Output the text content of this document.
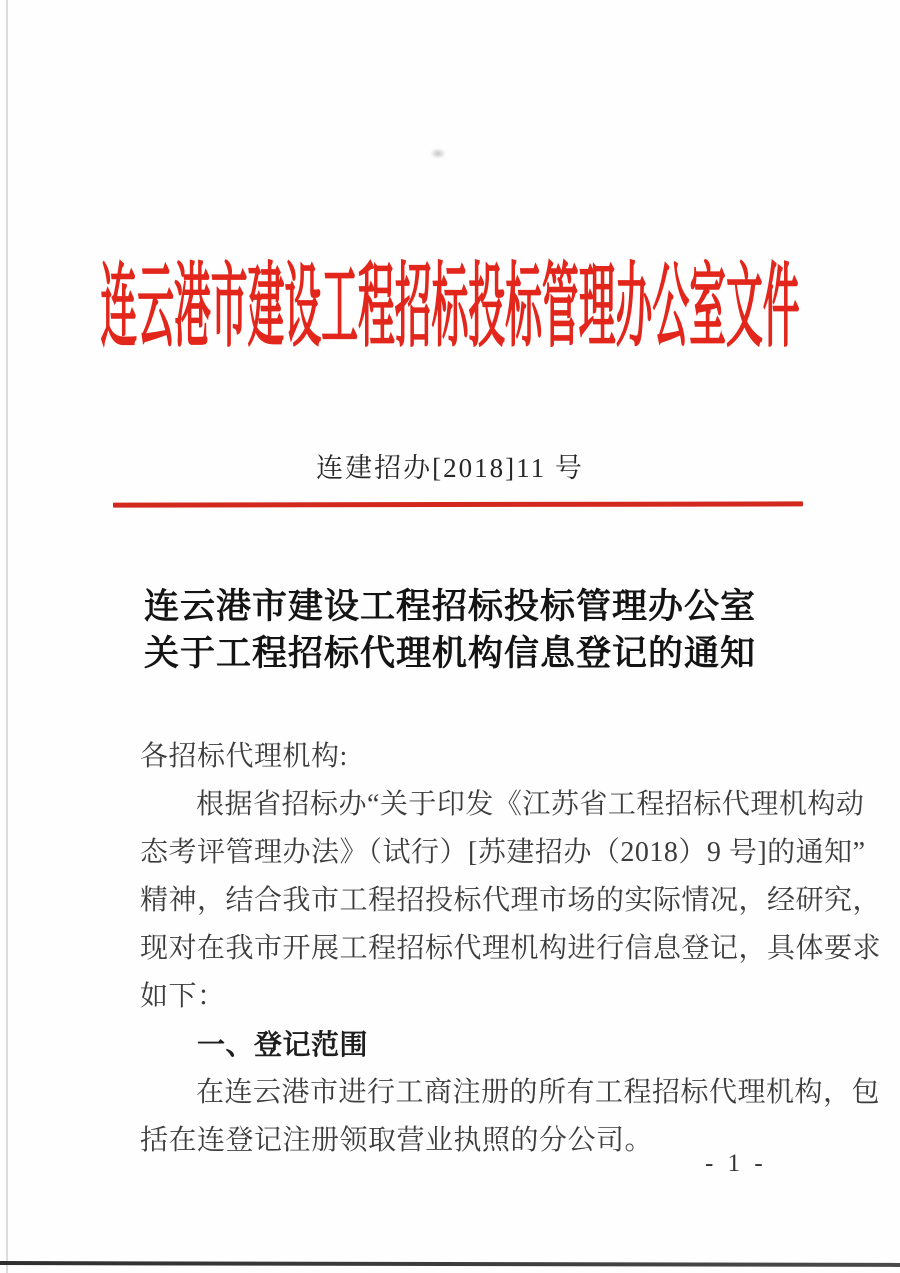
连云港市建设工程招标投标管理办公室文件
连建招办[2018]11 号
连云港市建设工程招标投标管理办公室
关于工程招标代理机构信息登记的通知
各招标代理机构:
根据省招标办“关于印发《江苏省工程招标代理机构动
态考评管理办法》（试行）[苏建招办（2018）9 号]的通知”
精神，结合我市工程招投标代理市场的实际情况，经研究，
现对在我市开展工程招标代理机构进行信息登记，具体要求
如下：
一、登记范围
在连云港市进行工商注册的所有工程招标代理机构，包
括在连登记注册领取营业执照的分公司。
- 1 -
